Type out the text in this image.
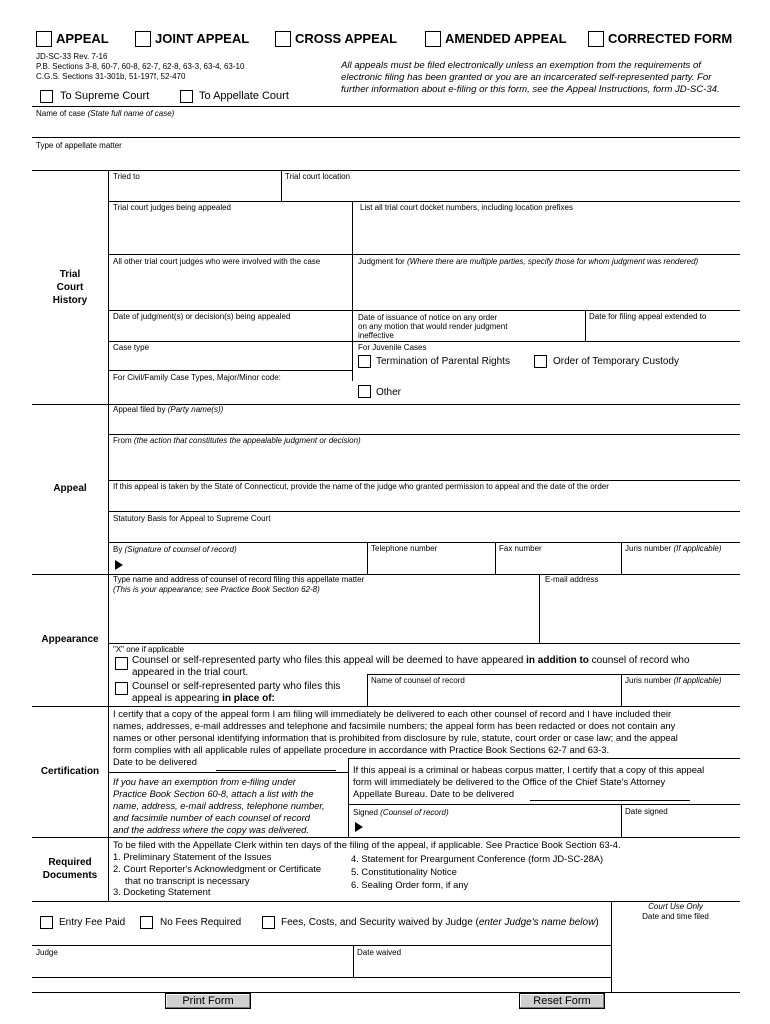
APPEAL	JOINT APPEAL	CROSS APPEAL	AMENDED APPEAL	CORRECTED FORM
JD-SC-33 Rev. 7-16
P.B. Sections 3-8, 60-7, 60-8, 62-7, 62-8, 63-3, 63-4, 63-10
C.G.S. Sections 31-301b, 51-197f, 52-470
To Supreme Court	To Appellate Court
All appeals must be filed electronically unless an exemption from the requirements of electronic filing has been granted or you are an incarcerated self-represented party. For further information about e-filing or this form, see the Appeal Instructions, form JD-SC-34.
Name of case (State full name of case)
Type of appellate matter
Trial
Court
History
Tried to	Trial court location
Trial court judges being appealed	List all trial court docket numbers, including location prefixes
All other trial court judges who were involved with the case	Judgment for (Where there are multiple parties, specify those for whom judgment was rendered)
Date of judgment(s) or decision(s) being appealed	Date of issuance of notice on any order on any motion that would render judgment ineffective
Date for filing appeal extended to
Case type	For Juvenile Cases
Termination of Parental Rights	Order of Temporary Custody
For Civil/Family Case Types, Major/Minor code:
Other
Appeal
Appeal filed by (Party name(s))
From (the action that constitutes the appealable judgment or decision)
If this appeal is taken by the State of Connecticut, provide the name of the judge who granted permission to appeal and the date of the order
Statutory Basis for Appeal to Supreme Court
By (Signature of counsel of record)	Telephone number	Fax number	Juris number (If applicable)
Appearance
Type name and address of counsel of record filing this appellate matter
(This is your appearance; see Practice Book Section 62-8)
E-mail address
"X" one if applicable
Counsel or self-represented party who files this appeal will be deemed to have appeared in addition to counsel of record who
appeared in the trial court.
Counsel or self-represented party who files this
appeal is appearing in place of:
Name of counsel of record	Juris number (If applicable)
Certification
I certify that a copy of the appeal form I am filing will immediately be delivered to each other counsel of record and I have included their
names, addresses, e-mail addresses and telephone and facsimile numbers; the appeal form has been redacted or does not contain any
names or other personal identifying information that is prohibited from disclosure by rule, statute, court order or case law; and the appeal
form complies with all applicable rules of appellate procedure in accordance with Practice Book Sections 62-7 and 63-3.
Date to be delivered
If you have an exemption from e-filing under
Practice Book Section 60-8, attach a list with the
name, address, e-mail address, telephone number,
and facsimile number of each counsel of record
and the address where the copy was delivered.
If this appeal is a criminal or habeas corpus matter, I certify that a copy of this appeal
form will immediately be delivered to the Office of the Chief State's Attorney
Appellate Bureau. Date to be delivered
Signed (Counsel of record)	Date signed
Required
Documents
To be filed with the Appellate Clerk within ten days of the filing of the appeal, if applicable. See Practice Book Section 63-4.
1. Preliminary Statement of the Issues
2. Court Reporter's Acknowledgment or Certificate
that no transcript is necessary
3. Docketing Statement
4. Statement for Preargument Conference (form JD-SC-28A)
5. Constitutionality Notice
6. Sealing Order form, if any
Court Use Only
Date and time filed
Entry Fee Paid	No Fees Required	Fees, Costs, and Security waived by Judge (enter Judge's name below)
Judge	Date waived
Print Form	Reset Form
